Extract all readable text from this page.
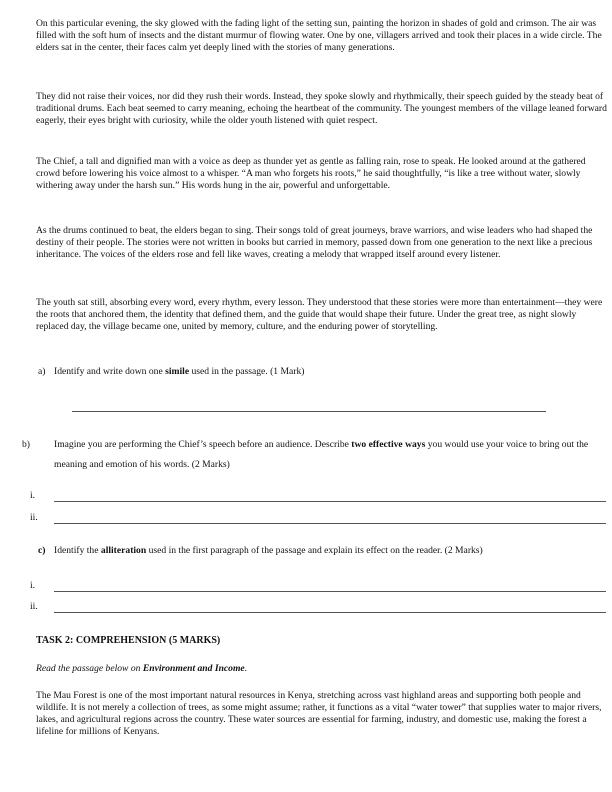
On this particular evening, the sky glowed with the fading light of the setting sun, painting the horizon in shades of gold and crimson. The air was filled with the soft hum of insects and the distant murmur of flowing water. One by one, villagers arrived and took their places in a wide circle. The elders sat in the center, their faces calm yet deeply lined with the stories of many generations.

They did not raise their voices, nor did they rush their words. Instead, they spoke slowly and rhythmically, their speech guided by the steady beat of traditional drums. Each beat seemed to carry meaning, echoing the heartbeat of the community. The youngest members of the village leaned forward eagerly, their eyes bright with curiosity, while the older youth listened with quiet respect.

The Chief, a tall and dignified man with a voice as deep as thunder yet as gentle as falling rain, rose to speak. He looked around at the gathered crowd before lowering his voice almost to a whisper. “A man who forgets his roots,” he said thoughtfully, “is like a tree without water, slowly withering away under the harsh sun.” His words hung in the air, powerful and unforgettable.

As the drums continued to beat, the elders began to sing. Their songs told of great journeys, brave warriors, and wise leaders who had shaped the destiny of their people. The stories were not written in books but carried in memory, passed down from one generation to the next like a precious inheritance. The voices of the elders rose and fell like waves, creating a melody that wrapped itself around every listener.

The youth sat still, absorbing every word, every rhythm, every lesson. They understood that these stories were more than entertainment—they were the roots that anchored them, the identity that defined them, and the guide that would shape their future. Under the great tree, as night slowly replaced day, the village became one, united by memory, culture, and the enduring power of storytelling.

a) Identify and write down one simile used in the passage. (1 Mark)

b)	Imagine you are performing the Chief’s speech before an audience. Describe two effective ways you would use your voice to bring out the meaning and emotion of his words. (2 Marks)

i.
ii.

c) Identify the alliteration used in the first paragraph of the passage and explain its effect on the reader. (2 Marks)

i.
ii.

TASK 2: COMPREHENSION (5 MARKS)

Read the passage below on Environment and Income.

The Mau Forest is one of the most important natural resources in Kenya, stretching across vast highland areas and supporting both people and wildlife. It is not merely a collection of trees, as some might assume; rather, it functions as a vital “water tower” that supplies water to major rivers, lakes, and agricultural regions across the country. These water sources are essential for farming, industry, and domestic use, making the forest a lifeline for millions of Kenyans.
